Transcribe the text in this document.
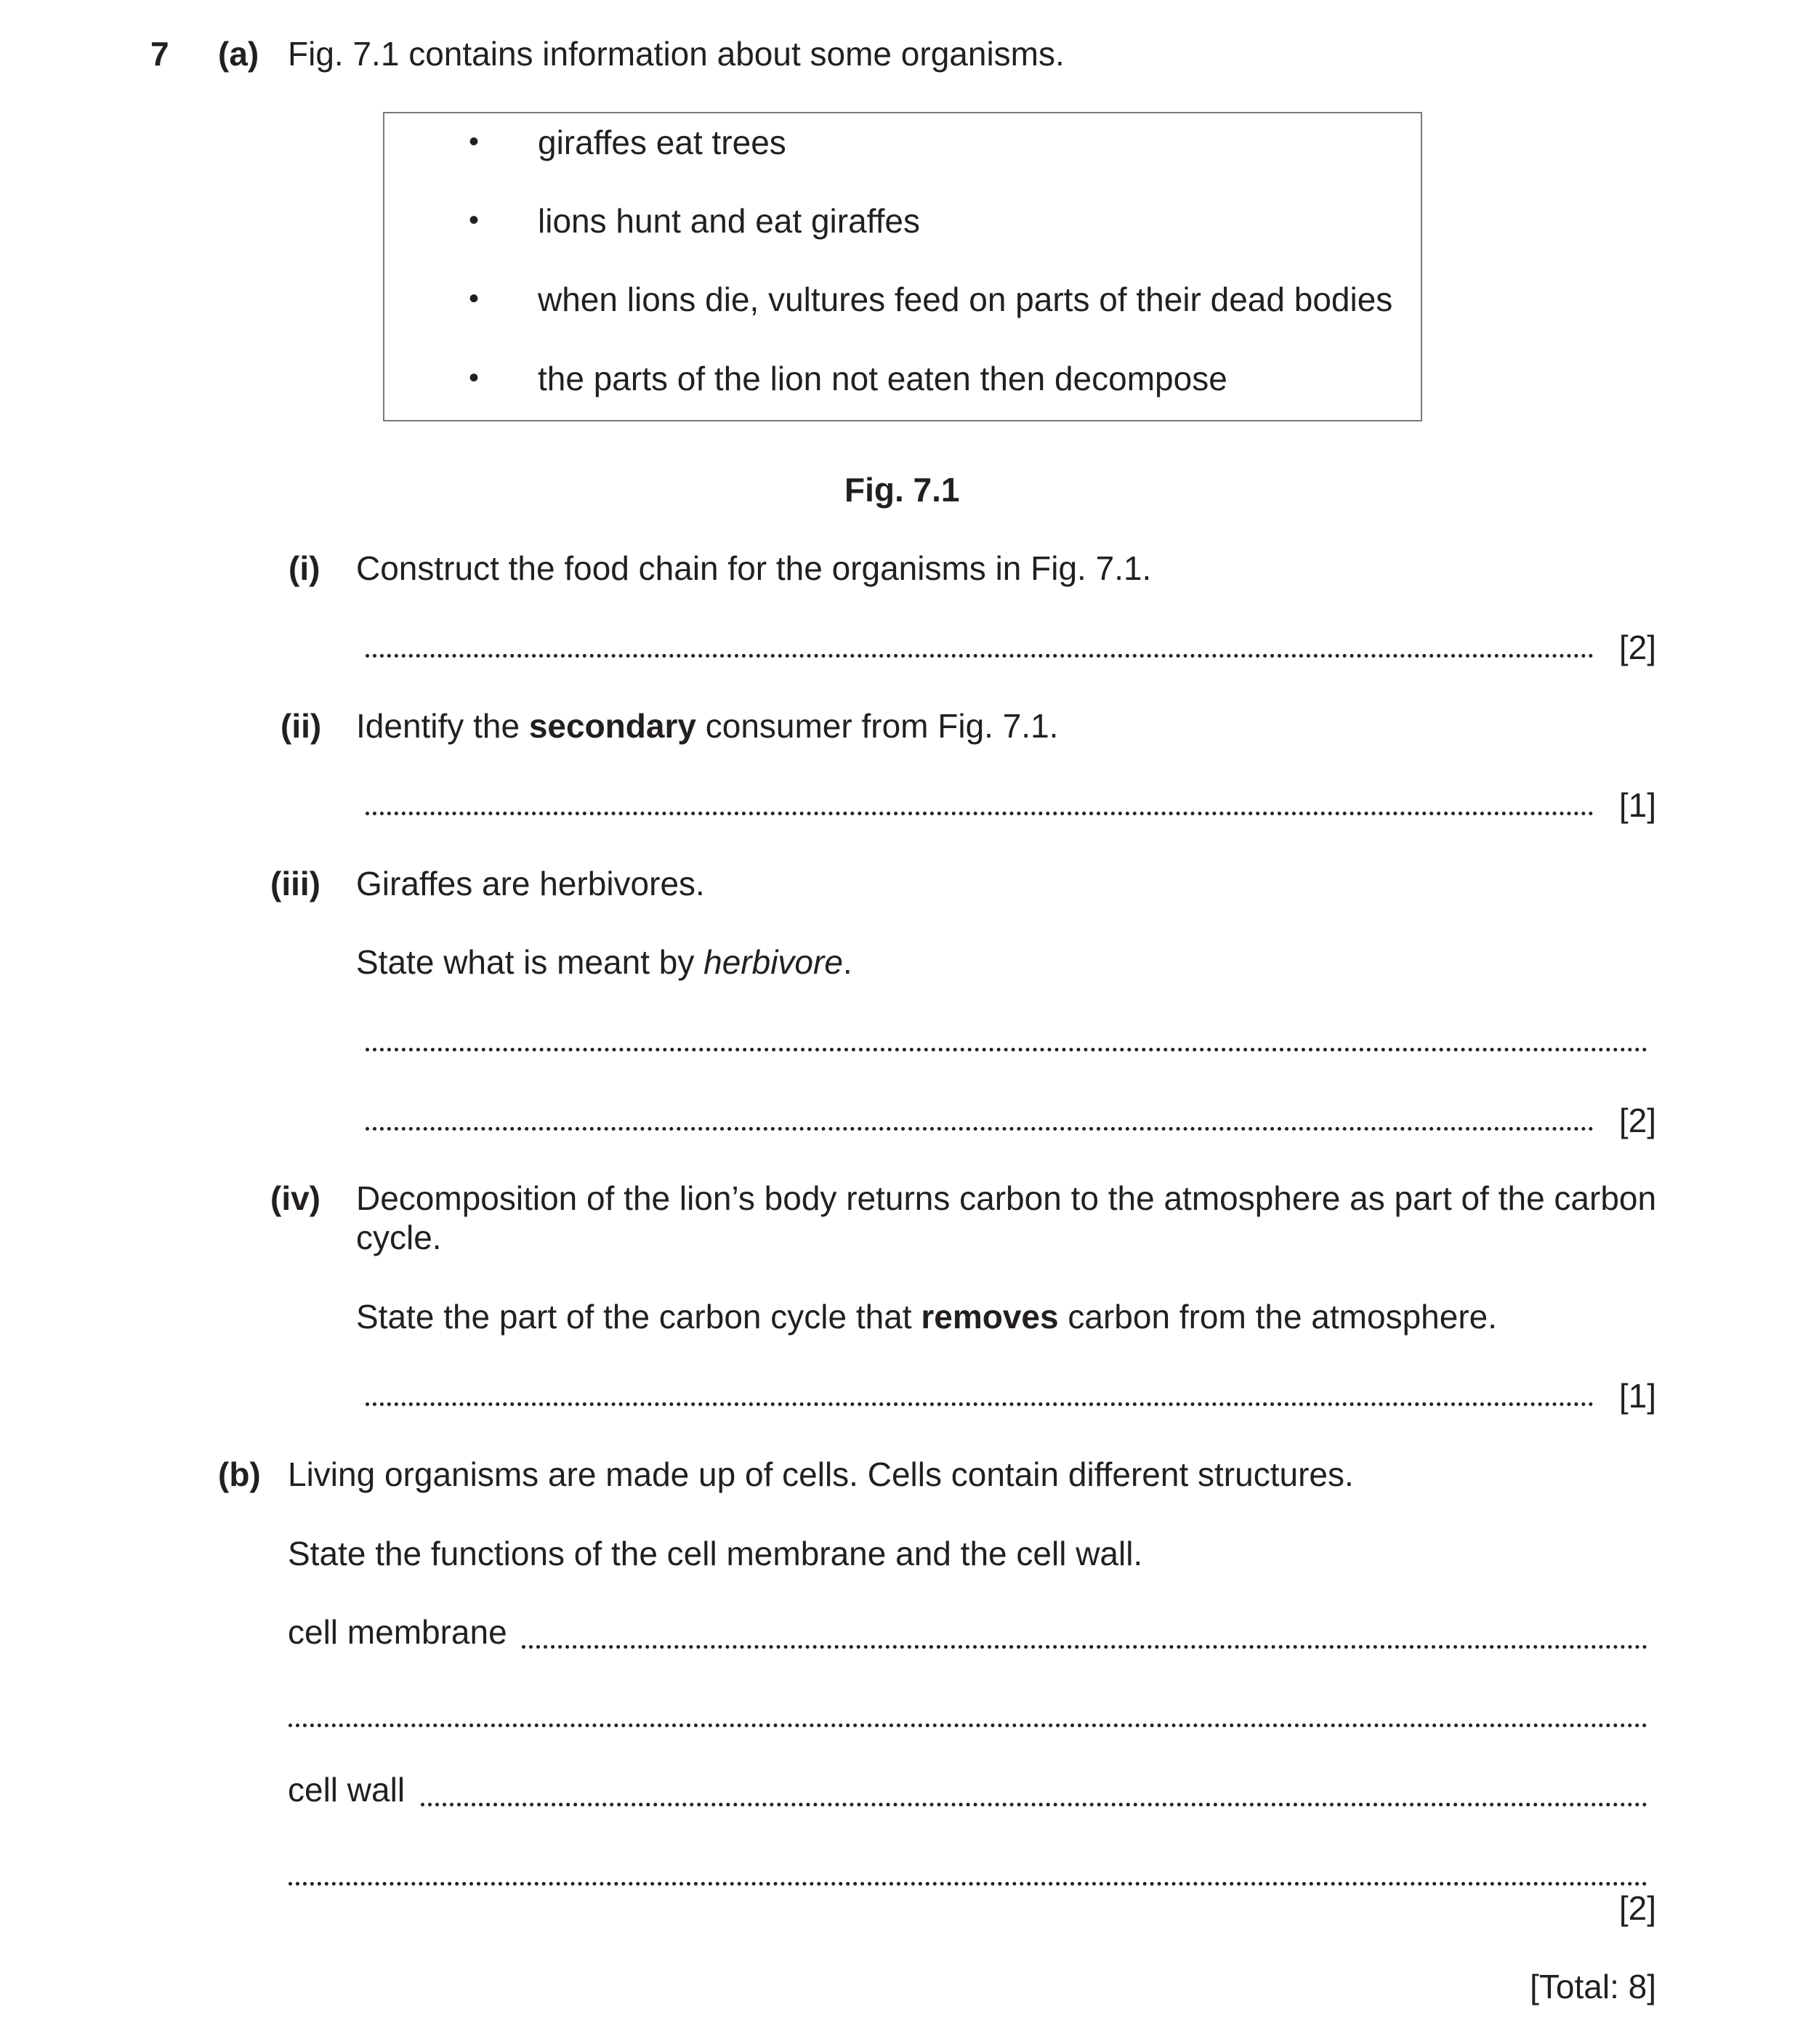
7 (a) Fig. 7.1 contains information about some organisms.
• giraffes eat trees
• lions hunt and eat giraffes
• when lions die, vultures feed on parts of their dead bodies
• the parts of the lion not eaten then decompose
Fig. 7.1
(i) Construct the food chain for the organisms in Fig. 7.1.
[2]
(ii) Identify the secondary consumer from Fig. 7.1.
[1]
(iii) Giraffes are herbivores.
State what is meant by herbivore.
[2]
(iv) Decomposition of the lion’s body returns carbon to the atmosphere as part of the carbon
cycle.
State the part of the carbon cycle that removes carbon from the atmosphere.
[1]
(b) Living organisms are made up of cells. Cells contain different structures.
State the functions of the cell membrane and the cell wall.
cell membrane
cell wall
[2]
[Total: 8]
